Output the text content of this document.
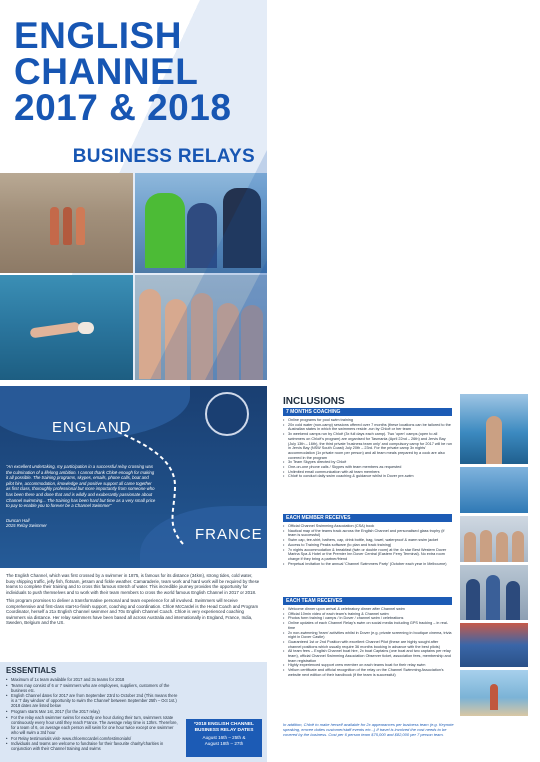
ENGLISH
CHANNEL
2017 & 2018
BUSINESS RELAYS
ENGLAND
FRANCE
"An excellent undertaking, my participation in a successful relay crossing was the culmination of a lifelong ambition. I cannot thank Chloë enough for making it all possible. The training programs, skypes, emails, phone calls, boat and pilot hire, accommodation, knowledge and positive support all came together as first class, thoroughly professional but more importantly from someone who has been there and done that and is wildly and exuberantly passionate about Channel swimming... The training has been hard but time as a very small price to pay to enable you to forever be a Channel Swimmer"
Duncan Hall
2015 Relay Swimmer

The English Channel, which was first crossed by a swimmer in 1875, is famous for its distance (34km), strong tides, cold water, busy shipping traffic, jelly fish, flotsam, jetsam and fickle weather. Camaraderie, team work and hard work will be required by these teams to complete their training and to cross this famous stretch of water. This incredible journey provides the opportunity for individuals to push themselves and to work with their team members to cross the world famous English Channel in 2017 or 2018.

This program promises to deliver a transformative personal and team experience for all involved. Swimmers will receive comprehensive and first-class start-to-finish support, coaching and coordination. Chloë McCardel is the Head Coach and Program Coordinator, herself a 21x English Channel swimmer and 70x English Channel Coach. Chloë is very experienced coaching swimmers via distance. Her relay swimmers have been based all across Australia and internationally in England, France, India, Sweden, Belgium and the US.

ESSENTIALS
• Maximum of 1x team available for 2017 and 3x teams for 2018
• Teams may consist of 6 or 7 swimmers who are employees, suppliers, customers of the business etc.
• English Channel dates for 2017 are from September 23rd to October 2nd (This means there is a '7 day window' of opportunity to swim the Channel' between September 25th – Oct 1st.) 2018 dates are listed below
• Program starts Mar 1st, 2017 (for the 2017 relay)
• For the relay each swimmer swims for exactly one hour during their turn, swimmers rotate continuously every hour until they reach France. The average relay time is 13hrs. Therefore, for a team of 6, on average each person will swim for one hour twice except one swimmer who will swim a 3rd hour
• For Relay testimonials visit- www.chloemccardel.com/testimonials/
• Individuals and teams are welcome to fundraise for their favourite charity/charities in conjunction with their Channel training and swims
*2018 ENGLISH CHANNEL BUSINESS RELAY DATES
August 16th – 25th &
August 18th – 27th
INCLUSIONS
7 MONTHS COACHING
• Online programs for pool swim training
• 20x cold water (non-camp) sessions offered over 7 months (these locations can be tailored to the Australian states in which the swimmers reside -run by Chloë or her team
• 3x weekend camps run by Chloë (3x full days each camp). Two 'open' camps (open to all swimmers on Chloë's program) are organised for Tasmania (April 22nd – 26th) and Jervis Bay (July 13th – 16th), the third private 'business team only' and compulsory camp for 2017 will be run in Jervis Bay (NSW South Coast) July 20th – 23rd. For the private camp 3x nights' accommodation (1x private room per person) and all team meals prepared by a cook are also covered in the program
• 3x Team Skypes directed by Chloë
• One-on-one phone calls / Skypes with team members as requested
• Unlimited email communication with all team members
• Chloë to conduct daily swim coaching & guidance whilst in Dover pre-swim
EACH MEMBER RECEIVES
• Official Channel Swimming Association (CSA) book
• Nautical map of the teams track across the English Channel and personalised glass trophy (if team is successful)
• Swim cap, tee-shirt, bathers, cap, drink bottle, bag, towel, waterproof & warm swim jacket
• Access to Training Peaks software (to plan and track training)
• 7x nights accommodation & breakfast (twin or double room) at the 4x star Best Western Dover Marina Spa & Hotel or the Premier Inn Dover Central (Eastern Ferry Terminal). No extra room charge if they bring a partner/friend
• Perpetual invitation to the annual 'Channel Swimmers Party' (October each year in Melbourne)
EACH TEAM RECEIVES
• Welcome dinner upon arrival & celebratory dinner after Channel swim
• Official 10min video of each team's training & Channel swim
• Photos form training / camps / in Dover / channel swim / celebrations
• Online updates of each Channel Relay's swim on social media including GPS tracking – in real-time
• 2x non-swimming 'team' activities whilst in Dover (e.g. private screening in boutique cinema, trivia night in Dover Castle)
• Guaranteed 1st or 2nd Position with excellent Channel Pilot (these are highly sought after channel positions which usually require 36 months booking in advance with the best pilots)
• All team fees – English Channel boat hire, 2x boat Captains (one boat and two captains per relay team), official Channel Swimming Association Observer ticket, association fees, membership and team registration
• Highly experienced support crew member on each teams boat for their relay swim
• Vellum certificate and official recognition of the relay on the Channel Swimming Association's website next edition of their handbook (if the team is successful)
In addition, Chloë to make herself available for 2x appearances per business team (e.g. Keynote speaking, emcee duties customer/staff events etc...) If travel is involved the cost needs to be covered by the business. Cost per 6 person team $75,000 and $82,000 per 7 person team.
